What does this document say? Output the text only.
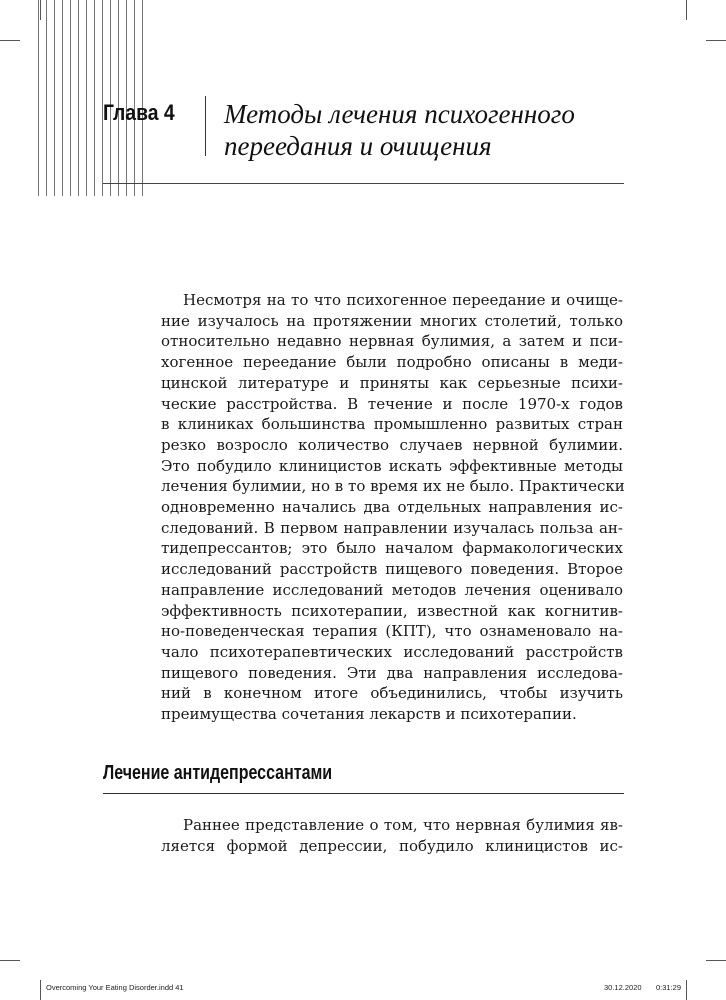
Глава 4 Методы лечения психогенного
переедания и очищения
Несмотря на то что психогенное переедание и очище-
ние изучалось на протяжении многих столетий, только
относительно недавно нервная булимия, а затем и пси-
хогенное переедание были подробно описаны в меди-
цинской литературе и приняты как серьезные психи-
ческие расстройства. В течение и после 1970-х годов
в клиниках большинства промышленно развитых стран
резко возросло количество случаев нервной булимии.
Это побудило клиницистов искать эффективные методы
лечения булимии, но в то время их не было. Практически
одновременно начались два отдельных направления ис-
следований. В первом направлении изучалась польза ан-
тидепрессантов; это было началом фармакологических
исследований расстройств пищевого поведения. Второе
направление исследований методов лечения оценивало
эффективность психотерапии, известной как когнитив-
но-поведенческая терапия (КПТ), что ознаменовало на-
чало психотерапевтических исследований расстройств
пищевого поведения. Эти два направления исследова-
ний в конечном итоге объединились, чтобы изучить
преимущества сочетания лекарств и психотерапии.
Лечение антидепрессантами
Раннее представление о том, что нервная булимия яв-
ляется формой депрессии, побудило клиницистов ис-
Overcoming Your Eating Disorder.indd 41	30.12.2020 0:31:29
